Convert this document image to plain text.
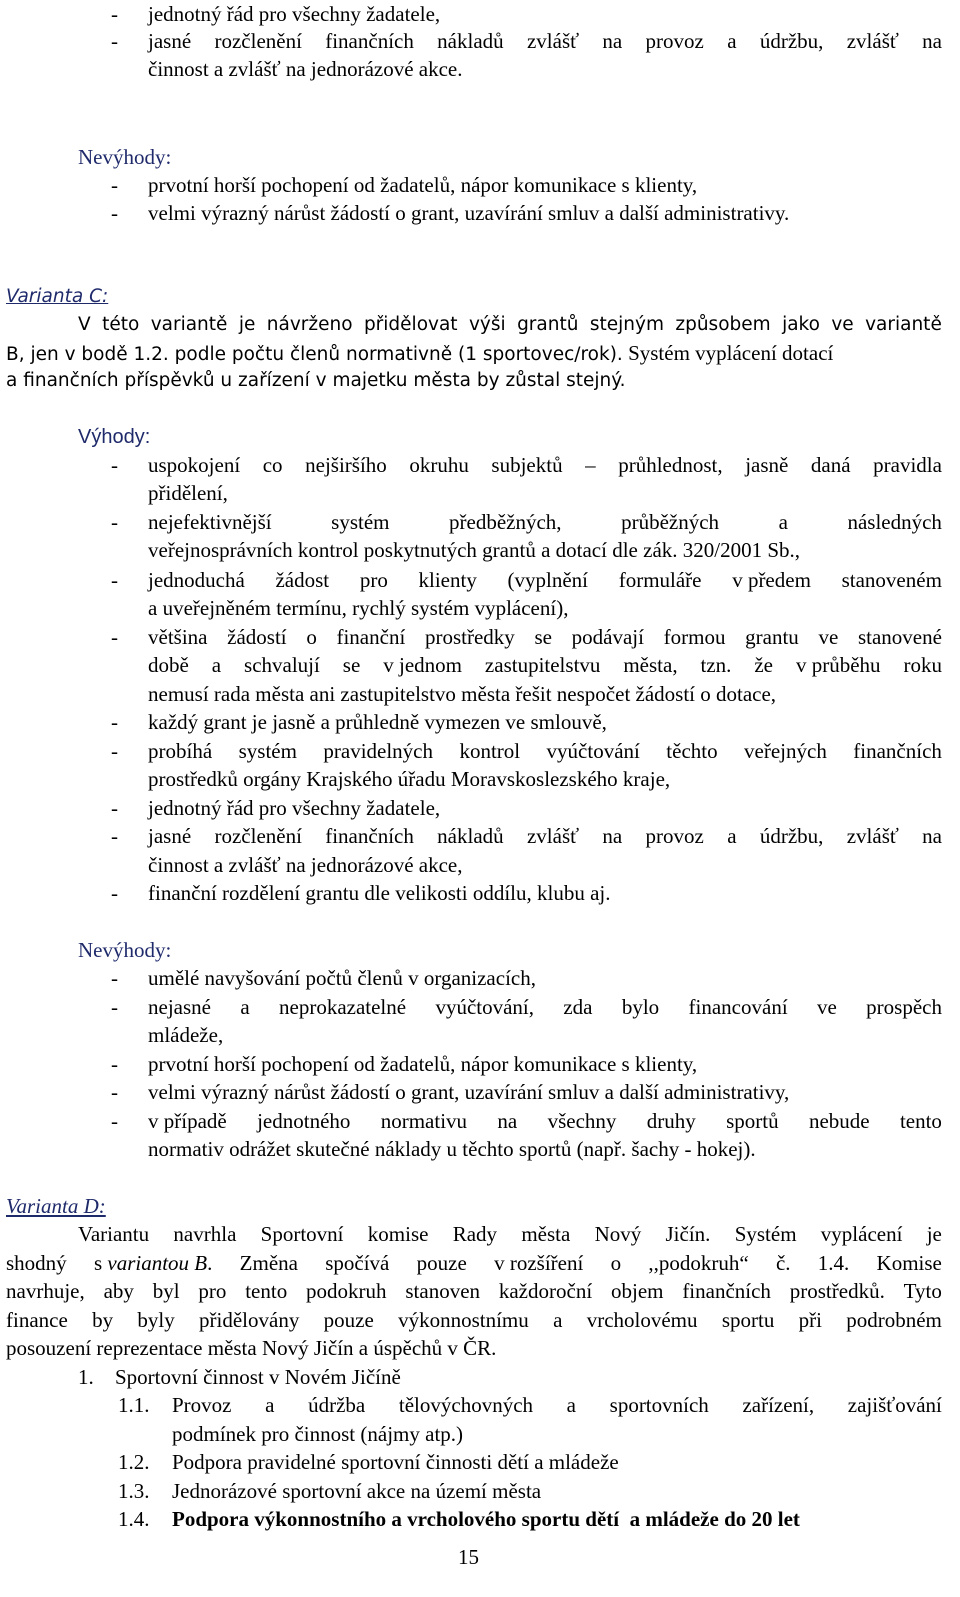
- jednotný řád pro všechny žadatele,
- jasné rozčlenění finančních nákladů zvlášť na provoz a údržbu, zvlášť na
činnost a zvlášť na jednorázové akce.
Nevýhody:
- prvotní horší pochopení od žadatelů, nápor komunikace s klienty,
- velmi výrazný nárůst žádostí o grant, uzavírání smluv a další administrativy.
Varianta C:
V této variantě je návrženo přidělovat výši grantů stejným způsobem jako ve variantě
B, jen v bodě 1.2. podle počtu členů normativně (1 sportovec/rok). Systém vyplácení dotací
a finančních příspěvků u zařízení v majetku města by zůstal stejný.
Výhody:
- uspokojení co nejširšího okruhu subjektů – průhlednost, jasně daná pravidla
přidělení,
- nejefektivnější	systém	předběžných,	průběžných	a	následných
veřejnosprávních kontrol poskytnutých grantů a dotací dle zák. 320/2001 Sb.,
- jednoduchá žádost pro klienty (vyplnění formuláře v předem stanoveném
a uveřejněném termínu, rychlý systém vyplácení),
- většina žádostí o finanční prostředky se podávají formou grantu ve stanovené
době a schvalují se v jednom zastupitelstvu města, tzn. že v průběhu roku
nemusí rada města ani zastupitelstvo města řešit nespočet žádostí o dotace,
- každý grant je jasně a průhledně vymezen ve smlouvě,
- probíhá systém pravidelných kontrol vyúčtování těchto veřejných finančních
prostředků orgány Krajského úřadu Moravskoslezského kraje,
- jednotný řád pro všechny žadatele,
- jasné rozčlenění finančních nákladů zvlášť na provoz a údržbu, zvlášť na
činnost a zvlášť na jednorázové akce,
- finanční rozdělení grantu dle velikosti oddílu, klubu aj.
Nevýhody:
- umělé navyšování počtů členů v organizacích,
- nejasné a neprokazatelné vyúčtování, zda bylo financování ve prospěch
mládeže,
- prvotní horší pochopení od žadatelů, nápor komunikace s klienty,
- velmi výrazný nárůst žádostí o grant, uzavírání smluv a další administrativy,
- v případě jednotného normativu na všechny druhy sportů nebude tento
normativ odrážet skutečné náklady u těchto sportů (např. šachy - hokej).
Varianta D:
Variantu navrhla Sportovní komise Rady města Nový Jičín. Systém vyplácení je
shodný s variantou B. Změna spočívá pouze v rozšíření o ,,podokruh“ č. 1.4. Komise
navrhuje, aby byl pro tento podokruh stanoven každoroční objem finančních prostředků. Tyto
finance by byly přidělovány pouze výkonnostnímu a vrcholovému sportu při podrobném
posouzení reprezentace města Nový Jičín a úspěchů v ČR.
1. Sportovní činnost v Novém Jičíně
1.1. Provoz a údržba tělovýchovných a sportovních zařízení, zajišťování
podmínek pro činnost (nájmy atp.)
1.2. Podpora pravidelné sportovní činnosti dětí a mládeže
1.3. Jednorázové sportovní akce na území města
1.4. Podpora výkonnostního a vrcholového sportu dětí  a mládeže do 20 let
15
